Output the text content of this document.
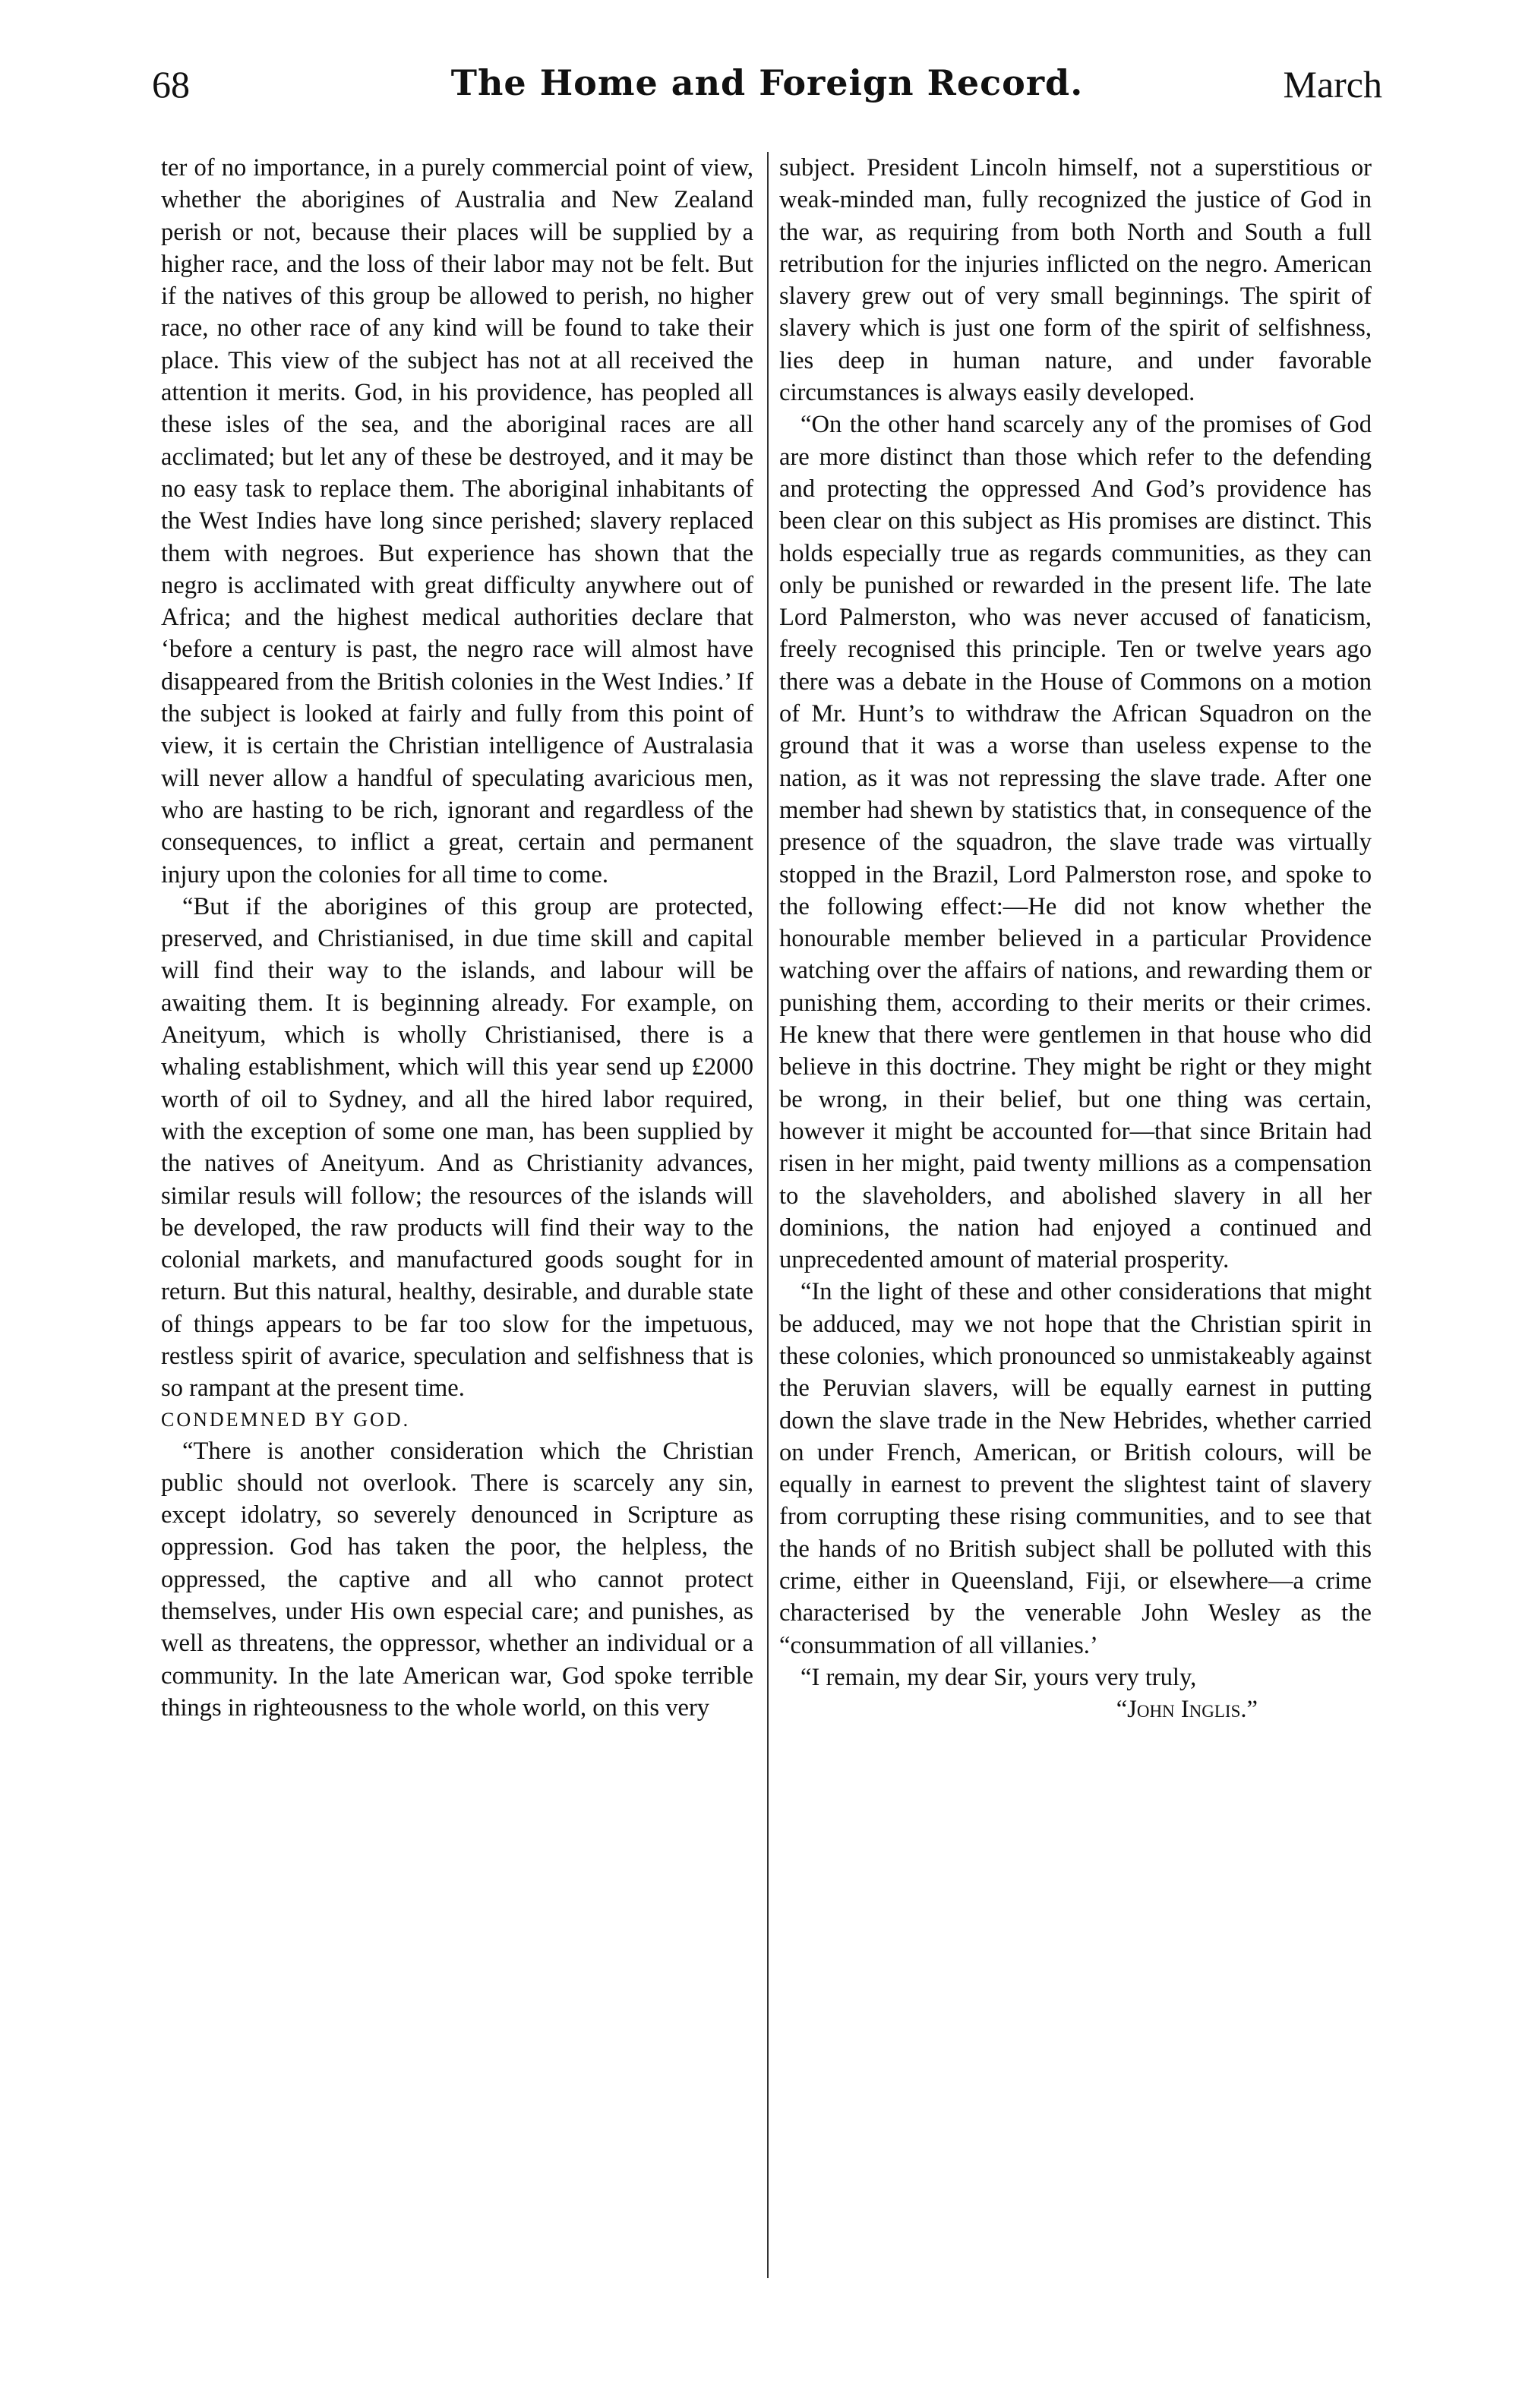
68	The Home and Foreign Record.	March

ter of no importance, in a purely commercial point of view, whether the aborigines of Australia and New Zealand perish or not, because their places will be supplied by a higher race, and the loss of their labor may not be felt. But if the natives of this group be allowed to perish, no higher race, no other race of any kind will be found to take their place. This view of the subject has not at all received the attention it merits. God, in his providence, has peopled all these isles of the sea, and the aboriginal races are all acclimated; but let any of these be destroyed, and it may be no easy task to replace them. The aboriginal inhabitants of the West Indies have long since perished; slavery replaced them with negroes. But experience has shown that the negro is acclimated with great difficulty anywhere out of Africa; and the highest medical authorities declare that ‘before a century is past, the negro race will almost have disappeared from the British colonies in the West Indies.’ If the subject is looked at fairly and fully from this point of view, it is certain the Christian intelligence of Australasia will never allow a handful of speculating avaricious men, who are hasting to be rich, ignorant and regardless of the consequences, to inflict a great, certain and permanent injury upon the colonies for all time to come.

“But if the aborigines of this group are protected, preserved, and Christianised, in due time skill and capital will find their way to the islands, and labour will be awaiting them. It is beginning already. For example, on Aneityum, which is wholly Christianised, there is a whaling establishment, which will this year send up £2000 worth of oil to Sydney, and all the hired labor required, with the exception of some one man, has been supplied by the natives of Aneityum. And as Christianity advances, similar resuls will follow; the resources of the islands will be developed, the raw products will find their way to the colonial markets, and manufactured goods sought for in return. But this natural, healthy, desirable, and durable state of things appears to be far too slow for the impetuous, restless spirit of avarice, speculation and selfishness that is so rampant at the present time.

CONDEMNED BY GOD.

“There is another consideration which the Christian public should not overlook. There is scarcely any sin, except idolatry, so severely denounced in Scripture as oppression. God has taken the poor, the helpless, the oppressed, the captive and all who cannot protect themselves, under His own especial care; and punishes, as well as threatens, the oppressor, whether an individual or a community. In the late American war, God spoke terrible things in righteousness to the whole world, on this very

subject. President Lincoln himself, not a superstitious or weak-minded man, fully recognized the justice of God in the war, as requiring from both North and South a full retribution for the injuries inflicted on the negro. American slavery grew out of very small beginnings. The spirit of slavery which is just one form of the spirit of selfishness, lies deep in human nature, and under favorable circumstances is always easily developed.

“On the other hand scarcely any of the promises of God are more distinct than those which refer to the defending and protecting the oppressed And God’s providence has been clear on this subject as His promises are distinct. This holds especially true as regards communities, as they can only be punished or rewarded in the present life. The late Lord Palmerston, who was never accused of fanaticism, freely recognised this principle. Ten or twelve years ago there was a debate in the House of Commons on a motion of Mr. Hunt’s to withdraw the African Squadron on the ground that it was a worse than useless expense to the nation, as it was not repressing the slave trade. After one member had shewn by statistics that, in consequence of the presence of the squadron, the slave trade was virtually stopped in the Brazil, Lord Palmerston rose, and spoke to the following effect:—He did not know whether the honourable member believed in a particular Providence watching over the affairs of nations, and rewarding them or punishing them, according to their merits or their crimes. He knew that there were gentlemen in that house who did believe in this doctrine. They might be right or they might be wrong, in their belief, but one thing was certain, however it might be accounted for—that since Britain had risen in her might, paid twenty millions as a compensation to the slaveholders, and abolished slavery in all her dominions, the nation had enjoyed a continued and unprecedented amount of material prosperity.

“In the light of these and other considerations that might be adduced, may we not hope that the Christian spirit in these colonies, which pronounced so unmistakeably against the Peruvian slavers, will be equally earnest in putting down the slave trade in the New Hebrides, whether carried on under French, American, or British colours, will be equally in earnest to prevent the slightest taint of slavery from corrupting these rising communities, and to see that the hands of no British subject shall be polluted with this crime, either in Queensland, Fiji, or elsewhere—a crime characterised by the venerable John Wesley as the “consummation of all villanies.’

“I remain, my dear Sir, yours very truly,

“John Inglis.”
